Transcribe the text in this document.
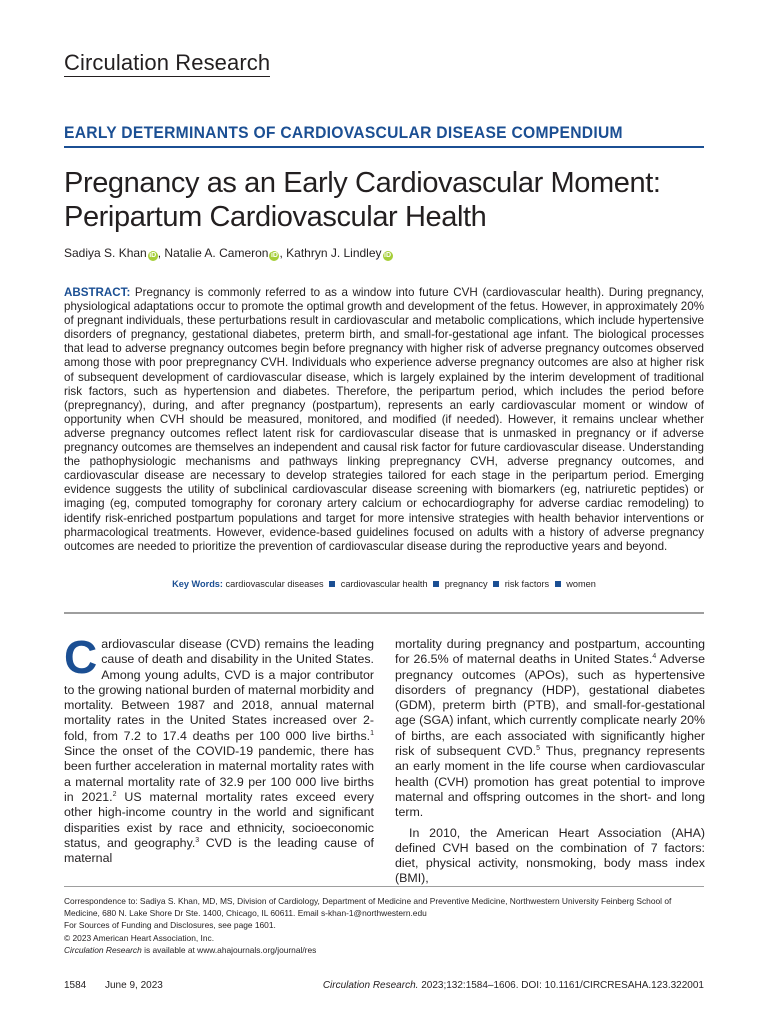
Circulation Research
EARLY DETERMINANTS OF CARDIOVASCULAR DISEASE COMPENDIUM
Pregnancy as an Early Cardiovascular Moment:
Peripartum Cardiovascular Health
Sadiya S. Khan iD , Natalie A. Cameron iD , Kathryn J. Lindley iD
ABSTRACT: Pregnancy is commonly referred to as a window into future CVH (cardiovascular health). During pregnancy, physiological adaptations occur to promote the optimal growth and development of the fetus. However, in approximately 20% of pregnant individuals, these perturbations result in cardiovascular and metabolic complications, which include hypertensive disorders of pregnancy, gestational diabetes, preterm birth, and small-for-gestational age infant. The biological processes that lead to adverse pregnancy outcomes begin before pregnancy with higher risk of adverse pregnancy outcomes observed among those with poor prepregnancy CVH. Individuals who experience adverse pregnancy outcomes are also at higher risk of subsequent development of cardiovascular disease, which is largely explained by the interim development of traditional risk factors, such as hypertension and diabetes. Therefore, the peripartum period, which includes the period before (prepregnancy), during, and after pregnancy (postpartum), represents an early cardiovascular moment or window of opportunity when CVH should be measured, monitored, and modified (if needed). However, it remains unclear whether adverse pregnancy outcomes reflect latent risk for cardiovascular disease that is unmasked in pregnancy or if adverse pregnancy outcomes are themselves an independent and causal risk factor for future cardiovascular disease. Understanding the pathophysiologic mechanisms and pathways linking prepregnancy CVH, adverse pregnancy outcomes, and cardiovascular disease are necessary to develop strategies tailored for each stage in the peripartum period. Emerging evidence suggests the utility of subclinical cardiovascular disease screening with biomarkers (eg, natriuretic peptides) or imaging (eg, computed tomography for coronary artery calcium or echocardiography for adverse cardiac remodeling) to identify risk-enriched postpartum populations and target for more intensive strategies with health behavior interventions or pharmacological treatments. However, evidence-based guidelines focused on adults with a history of adverse pregnancy outcomes are needed to prioritize the prevention of cardiovascular disease during the reproductive years and beyond.
Key Words: cardiovascular diseases cardiovascular health pregnancy risk factors women

Cardiovascular disease (CVD) remains the leading cause of death and disability in the United States. Among young adults, CVD is a major contributor to the growing national burden of maternal morbidity and mortality. Between 1987 and 2018, annual maternal mortality rates in the United States increased over 2-fold, from 7.2 to 17.4 deaths per 100 000 live births.$^1$ Since the onset of the COVID-19 pandemic, there has been further acceleration in maternal mortality rates with a maternal mortality rate of 32.9 per 100 000 live births in 2021.$^2$ US maternal mortality rates exceed every other high-income country in the world and significant disparities exist by race and ethnicity, socioeconomic status, and geography.$^3$ CVD is the leading cause of maternal

mortality during pregnancy and postpartum, accounting for 26.5% of maternal deaths in United States.$^4$ Adverse pregnancy outcomes (APOs), such as hypertensive disorders of pregnancy (HDP), gestational diabetes (GDM), preterm birth (PTB), and small-for-gestational age (SGA) infant, which currently complicate nearly 20% of births, are each associated with significantly higher risk of subsequent CVD.$^5$ Thus, pregnancy represents an early moment in the life course when cardiovascular health (CVH) promotion has great potential to improve maternal and offspring outcomes in the short- and long term.

In 2010, the American Heart Association (AHA) defined CVH based on the combination of 7 factors: diet, physical activity, nonsmoking, body mass index (BMI),

Correspondence to: Sadiya S. Khan, MD, MS, Division of Cardiology, Department of Medicine and Preventive Medicine, Northwestern University Feinberg School of
Medicine, 680 N. Lake Shore Dr Ste. 1400, Chicago, IL 60611. Email s-khan-1@northwestern.edu
For Sources of Funding and Disclosures, see page 1601.
© 2023 American Heart Association, Inc.
Circulation Research is available at www.ahajournals.org/journal/res
1584 June 9, 2023	Circulation Research. 2023;132:1584–1606. DOI: 10.1161/CIRCRESAHA.123.322001
